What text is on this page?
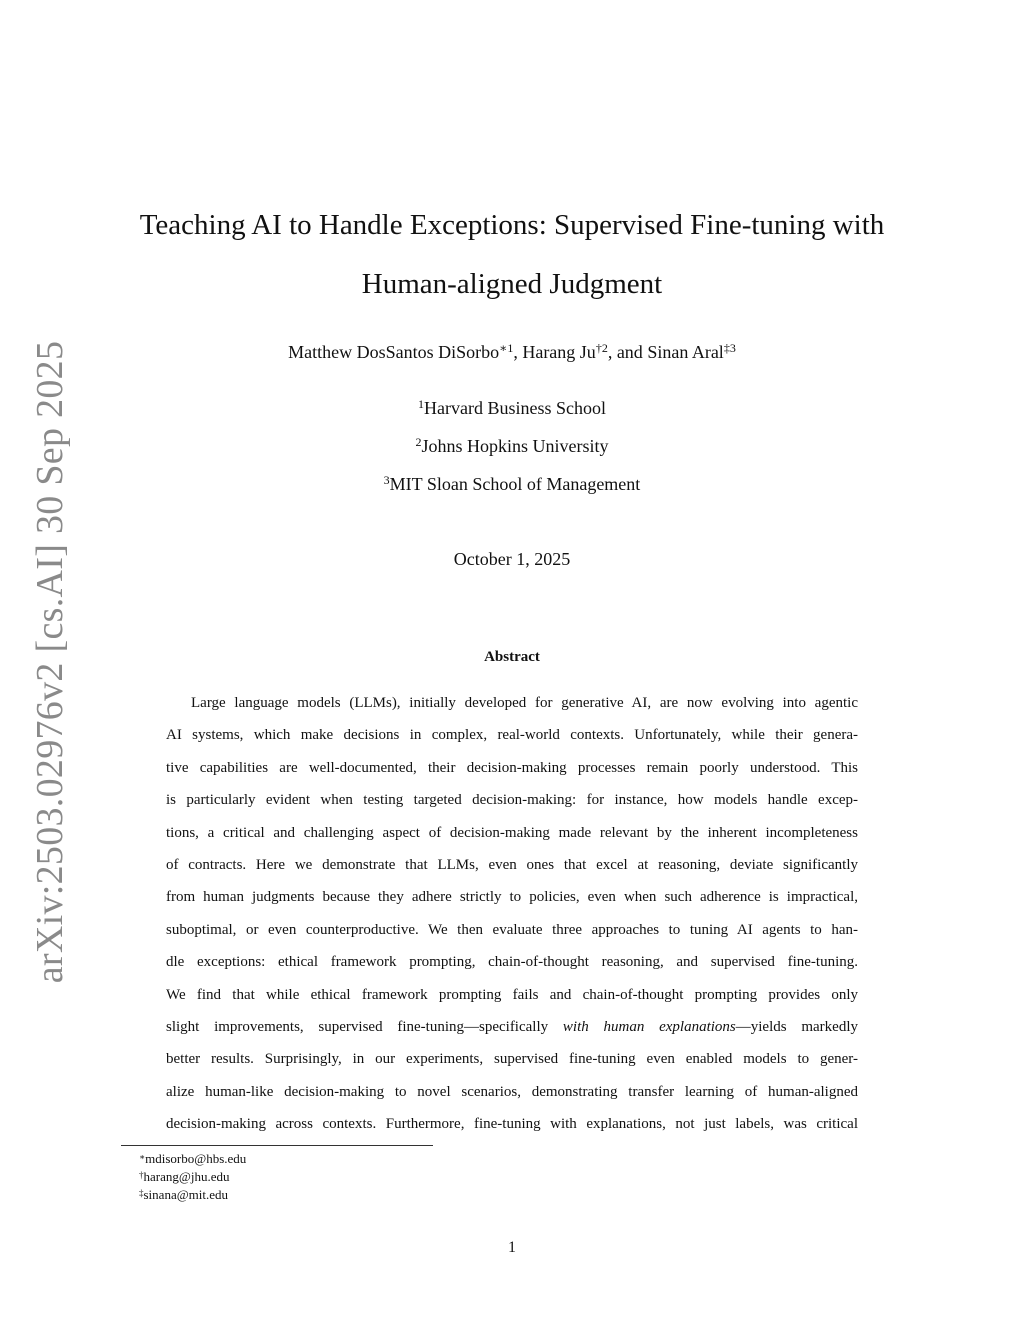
arXiv:2503.02976v2 [cs.AI] 30 Sep 2025
Teaching AI to Handle Exceptions: Supervised Fine-tuning with
Human-aligned Judgment
Matthew DosSantos DiSorbo$^{∗1}$, Harang Ju$^{\dagger 2}$, and Sinan Aral$^{\ddagger 3}$
$^1$Harvard Business School
$^2$Johns Hopkins University
$^3$MIT Sloan School of Management
October 1, 2025
Abstract
Large language models (LLMs), initially developed for generative AI, are now evolving into agentic
AI systems, which make decisions in complex, real-world contexts. Unfortunately, while their genera-
tive capabilities are well-documented, their decision-making processes remain poorly understood. This
is particularly evident when testing targeted decision-making: for instance, how models handle excep-
tions, a critical and challenging aspect of decision-making made relevant by the inherent incompleteness
of contracts. Here we demonstrate that LLMs, even ones that excel at reasoning, deviate significantly
from human judgments because they adhere strictly to policies, even when such adherence is impractical,
suboptimal, or even counterproductive. We then evaluate three approaches to tuning AI agents to han-
dle exceptions: ethical framework prompting, chain-of-thought reasoning, and supervised fine-tuning.
We find that while ethical framework prompting fails and chain-of-thought prompting provides only
slight improvements, supervised fine-tuning—specifically with human explanations—yields markedly
better results. Surprisingly, in our experiments, supervised fine-tuning even enabled models to gener-
alize human-like decision-making to novel scenarios, demonstrating transfer learning of human-aligned
decision-making across contexts. Furthermore, fine-tuning with explanations, not just labels, was critical
∗mdisorbo@hbs.edu
†harang@jhu.edu
‡sinana@mit.edu
1
